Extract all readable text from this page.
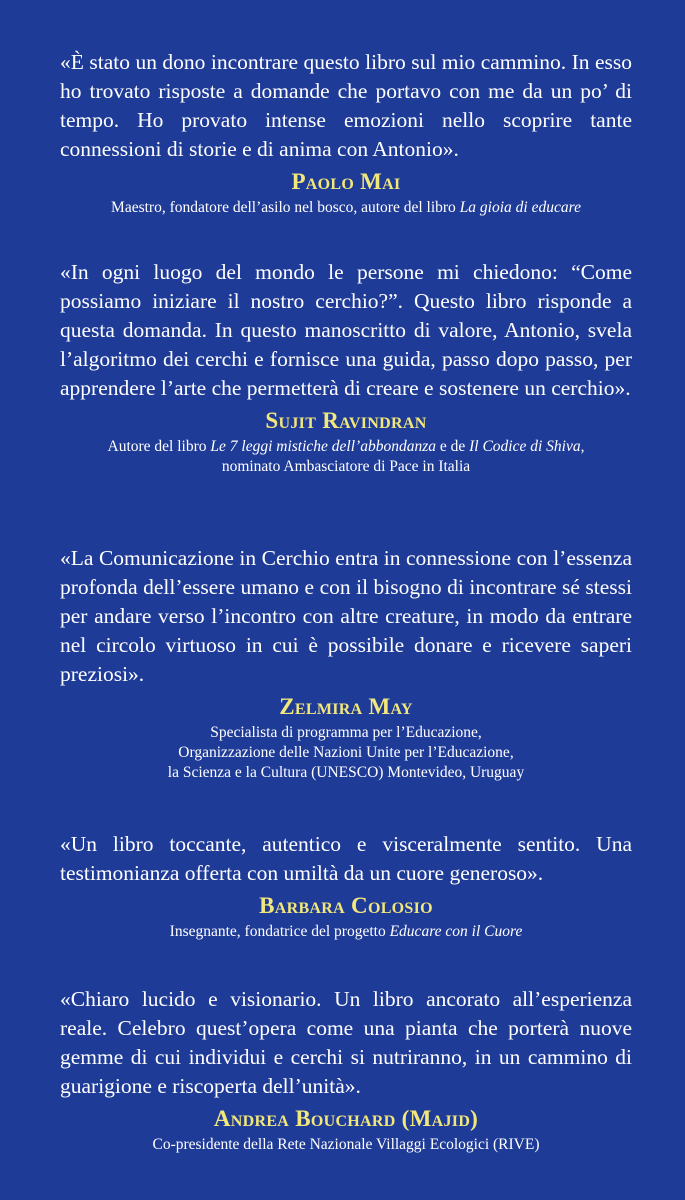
«È stato un dono incontrare questo libro sul mio cammino. In esso ho trovato risposte a domande che portavo con me da un po’ di tempo. Ho provato intense emozioni nello scoprire tante connessioni di storie e di anima con Antonio».

Paolo Mai
Maestro, fondatore dell’asilo nel bosco, autore del libro La gioia di educare

«In ogni luogo del mondo le persone mi chiedono: “Come possiamo iniziare il nostro cerchio?”. Questo libro risponde a questa domanda. In questo manoscritto di valore, Antonio, svela l’algoritmo dei cerchi e fornisce una guida, passo dopo passo, per apprendere l’arte che permetterà di creare e sostenere un cerchio».

Sujit Ravindran
Autore del libro Le 7 leggi mistiche dell’abbondanza e de Il Codice di Shiva,
nominato Ambasciatore di Pace in Italia

«La Comunicazione in Cerchio entra in connessione con l’essenza profonda dell’essere umano e con il bisogno di incontrare sé stessi per andare verso l’incontro con altre creature, in modo da entrare nel circolo virtuoso in cui è possibile donare e ricevere saperi preziosi».

Zelmira May
Specialista di programma per l’Educazione,
Organizzazione delle Nazioni Unite per l’Educazione,
la Scienza e la Cultura (UNESCO) Montevideo, Uruguay

«Un libro toccante, autentico e visceralmente sentito. Una testimonianza offerta con umiltà da un cuore generoso».

Barbara Colosio
Insegnante, fondatrice del progetto Educare con il Cuore

«Chiaro lucido e visionario. Un libro ancorato all’esperienza reale. Celebro quest’opera come una pianta che porterà nuove gemme di cui individui e cerchi si nutriranno, in un cammino di guarigione e riscoperta dell’unità».

Andrea Bouchard (Majid)
Co-presidente della Rete Nazionale Villaggi Ecologici (RIVE)
